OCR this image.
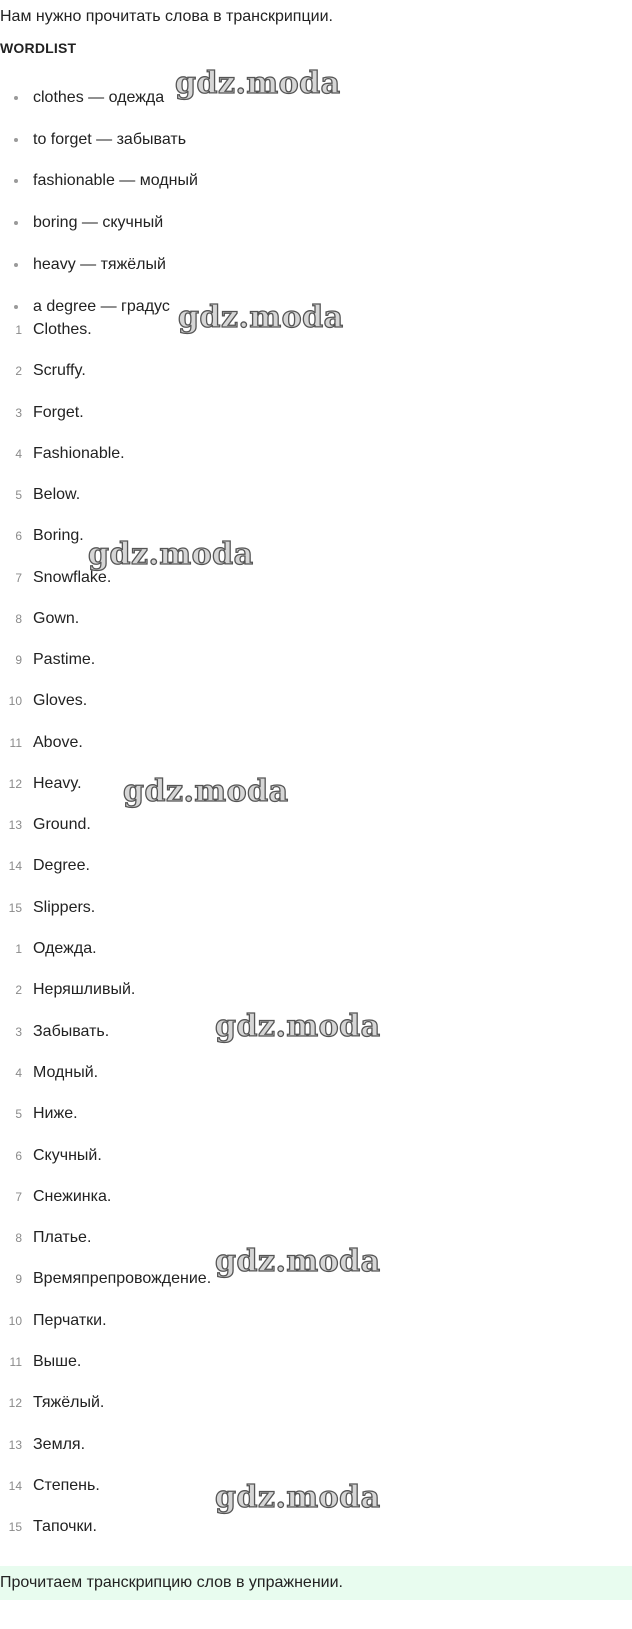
Нам нужно прочитать слова в транскрипции.
WORDLIST
clothes — одежда
to forget — забывать
fashionable — модный
boring — скучный
heavy — тяжёлый
a degree — градус
1 Clothes.
2 Scruffy.
3 Forget.
4 Fashionable.
5 Below.
6 Boring.
7 Snowflake.
8 Gown.
9 Pastime.
10 Gloves.
11 Above.
12 Heavy.
13 Ground.
14 Degree.
15 Slippers.
1 Одежда.
2 Неряшливый.
3 Забывать.
4 Модный.
5 Ниже.
6 Скучный.
7 Снежинка.
8 Платье.
9 Времяпрепровождение.
10 Перчатки.
11 Выше.
12 Тяжёлый.
13 Земля.
14 Степень.
15 Тапочки.
Прочитаем транскрипцию слов в упражнении.
gdz.moda
gdz.moda
gdz.moda
gdz.moda
gdz.moda
gdz.moda
gdz.moda
